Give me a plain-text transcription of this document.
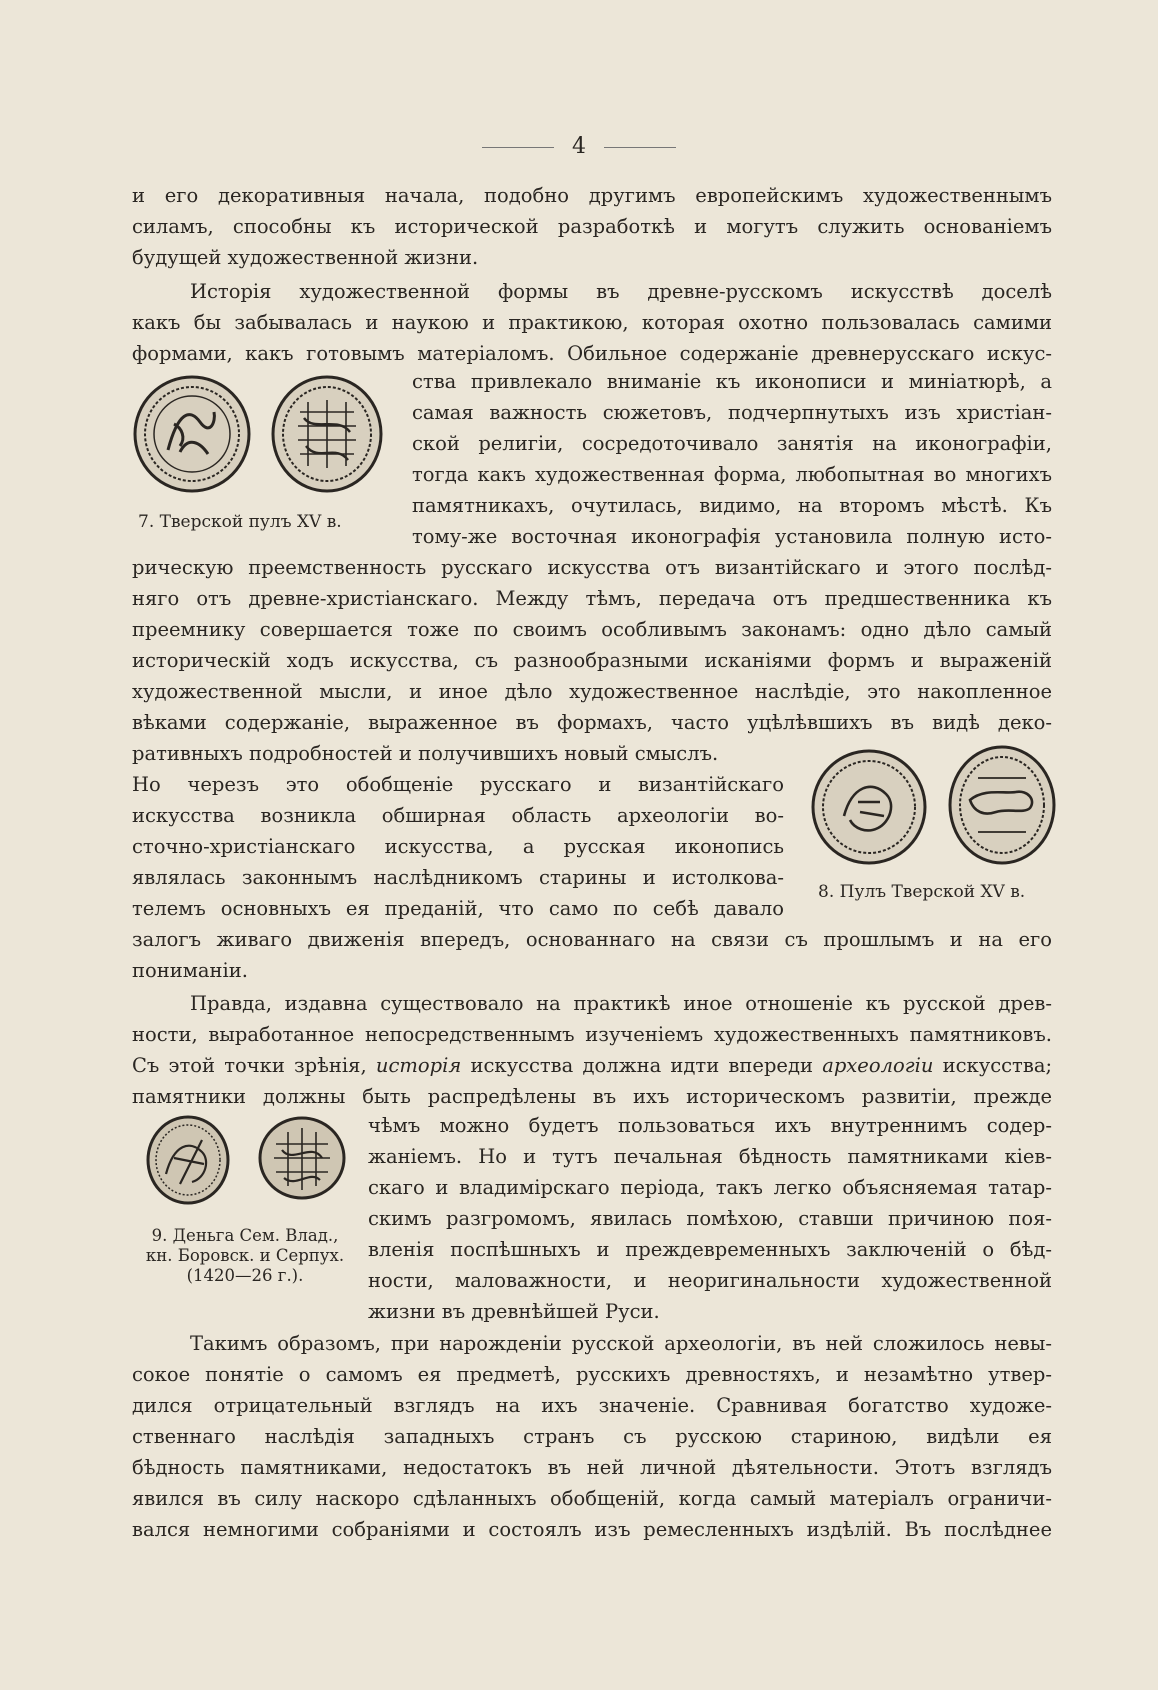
4
и его декоративныя начала, подобно другимъ европейскимъ художественнымъ
силамъ, способны къ исторической разработкѣ и могутъ служить основаніемъ
будущей художественной жизни.
Исторія художественной формы въ древне-русскомъ искусствѣ доселѣ
какъ бы забывалась и наукою и практикою, которая охотно пользовалась самими
формами, какъ готовымъ матеріаломъ. Обильное содержаніе древнерусскаго искус-
7. Тверской пулъ XV в.
ства привлекало вниманіе къ иконописи и миніатюрѣ, а
самая важность сюжетовъ, подчерпнутыхъ изъ христіан-
ской религіи, сосредоточивало занятія на иконографіи,
тогда какъ художественная форма, любопытная во многихъ
памятникахъ, очутилась, видимо, на второмъ мѣстѣ. Къ
тому-же восточная иконографія установила полную исто-
рическую преемственность русскаго искусства отъ византійскаго и этого послѣд-
няго отъ древне-христіанскаго. Между тѣмъ, передача отъ предшественника къ
преемнику совершается тоже по своимъ особливымъ законамъ: одно дѣло самый
историческій ходъ искусства, съ разнообразными исканіями формъ и выраженій
художественной мысли, и иное дѣло художественное наслѣдіе, это накопленное
вѣками содержаніе, выраженное въ формахъ, часто уцѣлѣвшихъ въ видѣ деко-
ративныхъ подробностей и получившихъ новый смыслъ.
Но черезъ это обобщеніе русскаго и византійскаго
искусства возникла обширная область археологіи во-
сточно-христіанскаго искусства, а русская иконопись
являлась законнымъ наслѣдникомъ старины и истолкова-
телемъ основныхъ ея преданій, что само по себѣ давало
8. Пулъ Тверской XV в.
залогъ живаго движенія впередъ, основаннаго на связи съ прошлымъ и на его
пониманіи.
Правда, издавна существовало на практикѣ иное отношеніе къ русской древ-
ности, выработанное непосредственнымъ изученіемъ художественныхъ памятниковъ.
Съ этой точки зрѣнія, исторія искусства должна идти впереди археологіи искусства;
памятники должны быть распредѣлены въ ихъ историческомъ развитіи, прежде
9. Деньга Сем. Влад.,
кн. Боровск. и Серпух.
(1420—26 г.).
чѣмъ можно будетъ пользоваться ихъ внутреннимъ содер-
жаніемъ. Но и тутъ печальная бѣдность памятниками кіев-
скаго и владимірскаго періода, такъ легко объясняемая татар-
скимъ разгромомъ, явилась помѣхою, ставши причиною поя-
вленія поспѣшныхъ и преждевременныхъ заключеній о бѣд-
ности, маловажности, и неоригинальности художественной
жизни въ древнѣйшей Руси.
Такимъ образомъ, при нарожденіи русской археологіи, въ ней сложилось невы-
сокое понятіе о самомъ ея предметѣ, русскихъ древностяхъ, и незамѣтно утвер-
дился отрицательный взглядъ на ихъ значеніе. Сравнивая богатство художе-
ственнаго наслѣдія западныхъ странъ съ русскою стариною, видѣли ея
бѣдность памятниками, недостатокъ въ ней личной дѣятельности. Этотъ взглядъ
явился въ силу наскоро сдѣланныхъ обобщеній, когда самый матеріалъ ограничи-
вался немногими собраніями и состоялъ изъ ремесленныхъ издѣлій. Въ послѣднее
